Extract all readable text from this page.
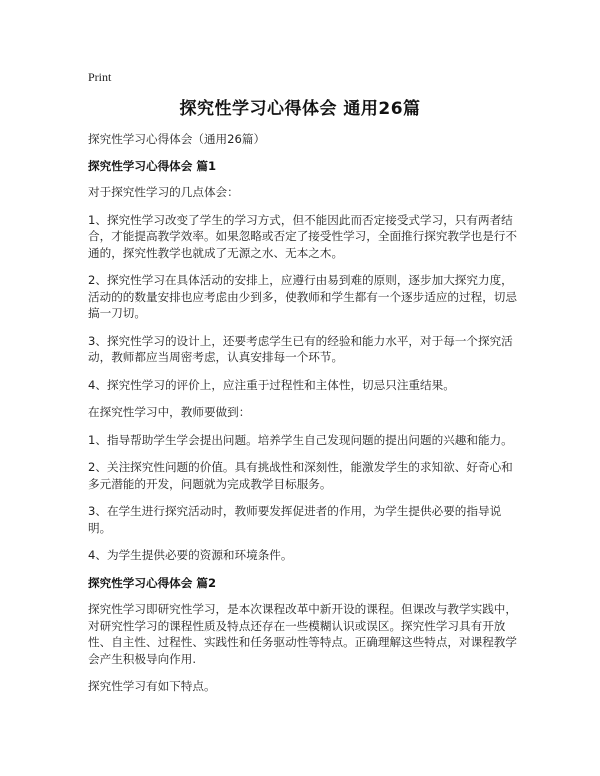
Print
探究性学习心得体会 通用26篇

探究性学习心得体会（通用26篇）

探究性学习心得体会 篇1

对于探究性学习的几点体会：

1、探究性学习改变了学生的学习方式，但不能因此而否定接受式学习，只有两者结合，才能提高教学效率。如果忽略或否定了接受性学习，全面推行探究教学也是行不通的，探究性教学也就成了无源之水、无本之木。

2、探究性学习在具体活动的安排上，应遵行由易到难的原则，逐步加大探究力度，活动的的数量安排也应考虑由少到多，使教师和学生都有一个逐步适应的过程，切忌搞一刀切。

3、探究性学习的设计上，还要考虑学生已有的经验和能力水平，对于每一个探究活动，教师都应当周密考虑，认真安排每一个环节。

4、探究性学习的评价上，应注重于过程性和主体性，切忌只注重结果。

在探究性学习中，教师要做到：

1、指导帮助学生学会提出问题。培养学生自己发现问题的提出问题的兴趣和能力。

2、关注探究性问题的价值。具有挑战性和深刻性，能激发学生的求知欲、好奇心和多元潜能的开发，问题就为完成教学目标服务。

3、在学生进行探究活动时，教师要发挥促进者的作用，为学生提供必要的指导说明。

4、为学生提供必要的资源和环境条件。

探究性学习心得体会 篇2

探究性学习即研究性学习，是本次课程改革中新开设的课程。但课改与教学实践中，对研究性学习的课程性质及特点还存在一些模糊认识或误区。探究性学习具有开放性、自主性、过程性、实践性和任务驱动性等特点。正确理解这些特点，对课程教学会产生积极导向作用.

探究性学习有如下特点。
